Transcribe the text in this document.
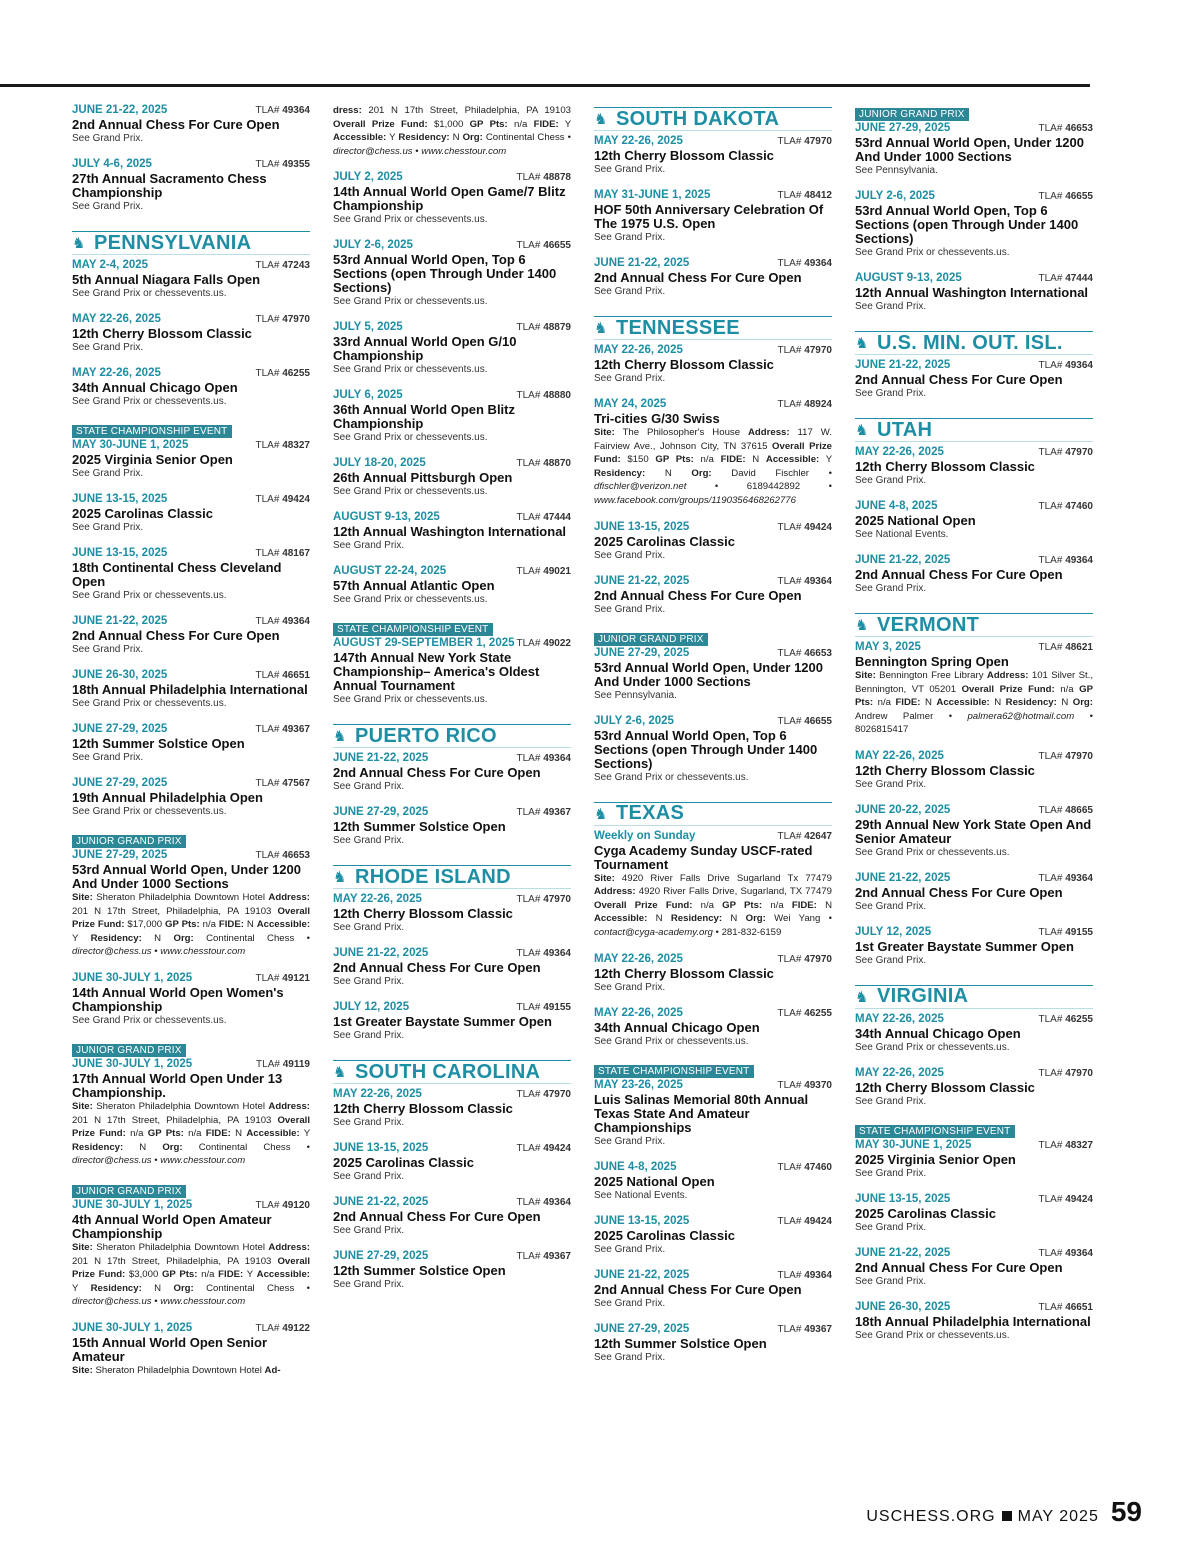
JUNE 21-22, 2025	TLA# 49364
2nd Annual Chess For Cure Open
See Grand Prix.
JULY 4-6, 2025	TLA# 49355
27th Annual Sacramento Chess Championship
See Grand Prix.
♞ PENNSYLVANIA
MAY 2-4, 2025	TLA# 47243
5th Annual Niagara Falls Open
See Grand Prix or chessevents.us.
MAY 22-26, 2025	TLA# 47970
12th Cherry Blossom Classic
See Grand Prix.
MAY 22-26, 2025	TLA# 46255
34th Annual Chicago Open
See Grand Prix or chessevents.us.
STATE CHAMPIONSHIP EVENT
MAY 30-JUNE 1, 2025	TLA# 48327
2025 Virginia Senior Open
See Grand Prix.
JUNE 13-15, 2025	TLA# 49424
2025 Carolinas Classic
See Grand Prix.
JUNE 13-15, 2025	TLA# 48167
18th Continental Chess Cleveland Open
See Grand Prix or chessevents.us.
JUNE 21-22, 2025	TLA# 49364
2nd Annual Chess For Cure Open
See Grand Prix.
JUNE 26-30, 2025	TLA# 46651
18th Annual Philadelphia International
See Grand Prix or chessevents.us.
JUNE 27-29, 2025	TLA# 49367
12th Summer Solstice Open
See Grand Prix.
JUNE 27-29, 2025	TLA# 47567
19th Annual Philadelphia Open
See Grand Prix or chessevents.us.
JUNIOR GRAND PRIX
JUNE 27-29, 2025	TLA# 46653
53rd Annual World Open, Under 1200 And Under 1000 Sections
Site: Sheraton Philadelphia Downtown Hotel Address: 201 N 17th Street, Philadelphia, PA 19103 Overall Prize Fund: $17,000 GP Pts: n/a FIDE: N Accessible: Y Residency: N Org: Continental Chess • director@chess.us • www.chesstour.com
JUNE 30-JULY 1, 2025	TLA# 49121
14th Annual World Open Women's Championship
See Grand Prix or chessevents.us.
JUNIOR GRAND PRIX
JUNE 30-JULY 1, 2025	TLA# 49119
17th Annual World Open Under 13 Championship.
Site: Sheraton Philadelphia Downtown Hotel Address: 201 N 17th Street, Philadelphia, PA 19103 Overall Prize Fund: n/a GP Pts: n/a FIDE: N Accessible: Y Residency: N Org: Continental Chess • director@chess.us • www.chesstour.com
JUNIOR GRAND PRIX
JUNE 30-JULY 1, 2025	TLA# 49120
4th Annual World Open Amateur Championship
Site: Sheraton Philadelphia Downtown Hotel Address: 201 N 17th Street, Philadelphia, PA 19103 Overall Prize Fund: $3,000 GP Pts: n/a FIDE: Y Accessible: Y Residency: N Org: Continental Chess • director@chess.us • www.chesstour.com
JUNE 30-JULY 1, 2025	TLA# 49122
15th Annual World Open Senior Amateur
Site: Sheraton Philadelphia Downtown Hotel Ad-
dress: 201 N 17th Street, Philadelphia, PA 19103 Overall Prize Fund: $1,000 GP Pts: n/a FIDE: Y Accessible: Y Residency: N Org: Continental Chess • director@chess.us • www.chesstour.com
JULY 2, 2025	TLA# 48878
14th Annual World Open Game/7 Blitz Championship
See Grand Prix or chessevents.us.
JULY 2-6, 2025	TLA# 46655
53rd Annual World Open, Top 6 Sections (open Through Under 1400 Sections)
See Grand Prix or chessevents.us.
JULY 5, 2025	TLA# 48879
33rd Annual World Open G/10 Championship
See Grand Prix or chessevents.us.
JULY 6, 2025	TLA# 48880
36th Annual World Open Blitz Championship
See Grand Prix or chessevents.us.
JULY 18-20, 2025	TLA# 48870
26th Annual Pittsburgh Open
See Grand Prix or chessevents.us.
AUGUST 9-13, 2025	TLA# 47444
12th Annual Washington International
See Grand Prix.
AUGUST 22-24, 2025	TLA# 49021
57th Annual Atlantic Open
See Grand Prix or chessevents.us.
STATE CHAMPIONSHIP EVENT
AUGUST 29-SEPTEMBER 1, 2025 TLA# 49022
147th Annual New York State Championship– America's Oldest Annual Tournament
See Grand Prix or chessevents.us.
♞ PUERTO RICO
JUNE 21-22, 2025	TLA# 49364
2nd Annual Chess For Cure Open
See Grand Prix.
JUNE 27-29, 2025	TLA# 49367
12th Summer Solstice Open
See Grand Prix.
♞ RHODE ISLAND
MAY 22-26, 2025	TLA# 47970
12th Cherry Blossom Classic
See Grand Prix.
JUNE 21-22, 2025	TLA# 49364
2nd Annual Chess For Cure Open
See Grand Prix.
JULY 12, 2025	TLA# 49155
1st Greater Baystate Summer Open
See Grand Prix.
♞ SOUTH CAROLINA
MAY 22-26, 2025	TLA# 47970
12th Cherry Blossom Classic
See Grand Prix.
JUNE 13-15, 2025	TLA# 49424
2025 Carolinas Classic
See Grand Prix.
JUNE 21-22, 2025	TLA# 49364
2nd Annual Chess For Cure Open
See Grand Prix.
JUNE 27-29, 2025	TLA# 49367
12th Summer Solstice Open
See Grand Prix.
♞ SOUTH DAKOTA
MAY 22-26, 2025	TLA# 47970
12th Cherry Blossom Classic
See Grand Prix.
MAY 31-JUNE 1, 2025	TLA# 48412
HOF 50th Anniversary Celebration Of The 1975 U.S. Open
See Grand Prix.
JUNE 21-22, 2025	TLA# 49364
2nd Annual Chess For Cure Open
See Grand Prix.
♞ TENNESSEE
MAY 22-26, 2025	TLA# 47970
12th Cherry Blossom Classic
See Grand Prix.
MAY 24, 2025	TLA# 48924
Tri-cities G/30 Swiss
Site: The Philosopher's House Address: 117 W. Fairview Ave., Johnson City, TN 37615 Overall Prize Fund: $150 GP Pts: n/a FIDE: N Accessible: Y Residency: N Org: David Fischler • dfischler@verizon.net • 6189442892 • www.facebook.com/groups/1190356468262776
JUNE 13-15, 2025	TLA# 49424
2025 Carolinas Classic
See Grand Prix.
JUNE 21-22, 2025	TLA# 49364
2nd Annual Chess For Cure Open
See Grand Prix.
JUNIOR GRAND PRIX
JUNE 27-29, 2025	TLA# 46653
53rd Annual World Open, Under 1200 And Under 1000 Sections
See Pennsylvania.
JULY 2-6, 2025	TLA# 46655
53rd Annual World Open, Top 6 Sections (open Through Under 1400 Sections)
See Grand Prix or chessevents.us.
♞ TEXAS
Weekly on Sunday	TLA# 42647
Cyga Academy Sunday USCF-rated Tournament
Site: 4920 River Falls Drive Sugarland Tx 77479 Address: 4920 River Falls Drive, Sugarland, TX 77479 Overall Prize Fund: n/a GP Pts: n/a FIDE: N Accessible: N Residency: N Org: Wei Yang • contact@cyga-academy.org • 281-832-6159
MAY 22-26, 2025	TLA# 47970
12th Cherry Blossom Classic
See Grand Prix.
MAY 22-26, 2025	TLA# 46255
34th Annual Chicago Open
See Grand Prix or chessevents.us.
STATE CHAMPIONSHIP EVENT
MAY 23-26, 2025	TLA# 49370
Luis Salinas Memorial 80th Annual Texas State And Amateur Championships
See Grand Prix.
JUNE 4-8, 2025	TLA# 47460
2025 National Open
See National Events.
JUNE 13-15, 2025	TLA# 49424
2025 Carolinas Classic
See Grand Prix.
JUNE 21-22, 2025	TLA# 49364
2nd Annual Chess For Cure Open
See Grand Prix.
JUNE 27-29, 2025	TLA# 49367
12th Summer Solstice Open
See Grand Prix.
JUNIOR GRAND PRIX
JUNE 27-29, 2025	TLA# 46653
53rd Annual World Open, Under 1200 And Under 1000 Sections
See Pennsylvania.
JULY 2-6, 2025	TLA# 46655
53rd Annual World Open, Top 6 Sections (open Through Under 1400 Sections)
See Grand Prix or chessevents.us.
AUGUST 9-13, 2025	TLA# 47444
12th Annual Washington International
See Grand Prix.
♞ U.S. MIN. OUT. ISL.
JUNE 21-22, 2025	TLA# 49364
2nd Annual Chess For Cure Open
See Grand Prix.
♞ UTAH
MAY 22-26, 2025	TLA# 47970
12th Cherry Blossom Classic
See Grand Prix.
JUNE 4-8, 2025	TLA# 47460
2025 National Open
See National Events.
JUNE 21-22, 2025	TLA# 49364
2nd Annual Chess For Cure Open
See Grand Prix.
♞ VERMONT
MAY 3, 2025	TLA# 48621
Bennington Spring Open
Site: Bennington Free Library Address: 101 Silver St., Bennington, VT 05201 Overall Prize Fund: n/a GP Pts: n/a FIDE: N Accessible: N Residency: N Org: Andrew Palmer • palmera62@hotmail.com • 8026815417
MAY 22-26, 2025	TLA# 47970
12th Cherry Blossom Classic
See Grand Prix.
JUNE 20-22, 2025	TLA# 48665
29th Annual New York State Open And Senior Amateur
See Grand Prix or chessevents.us.
JUNE 21-22, 2025	TLA# 49364
2nd Annual Chess For Cure Open
See Grand Prix.
JULY 12, 2025	TLA# 49155
1st Greater Baystate Summer Open
See Grand Prix.
♞ VIRGINIA
MAY 22-26, 2025	TLA# 46255
34th Annual Chicago Open
See Grand Prix or chessevents.us.
MAY 22-26, 2025	TLA# 47970
12th Cherry Blossom Classic
See Grand Prix.
STATE CHAMPIONSHIP EVENT
MAY 30-JUNE 1, 2025	TLA# 48327
2025 Virginia Senior Open
See Grand Prix.
JUNE 13-15, 2025	TLA# 49424
2025 Carolinas Classic
See Grand Prix.
JUNE 21-22, 2025	TLA# 49364
2nd Annual Chess For Cure Open
See Grand Prix.
JUNE 26-30, 2025	TLA# 46651
18th Annual Philadelphia International
See Grand Prix or chessevents.us.
USCHESS.ORG MAY 2025 59
